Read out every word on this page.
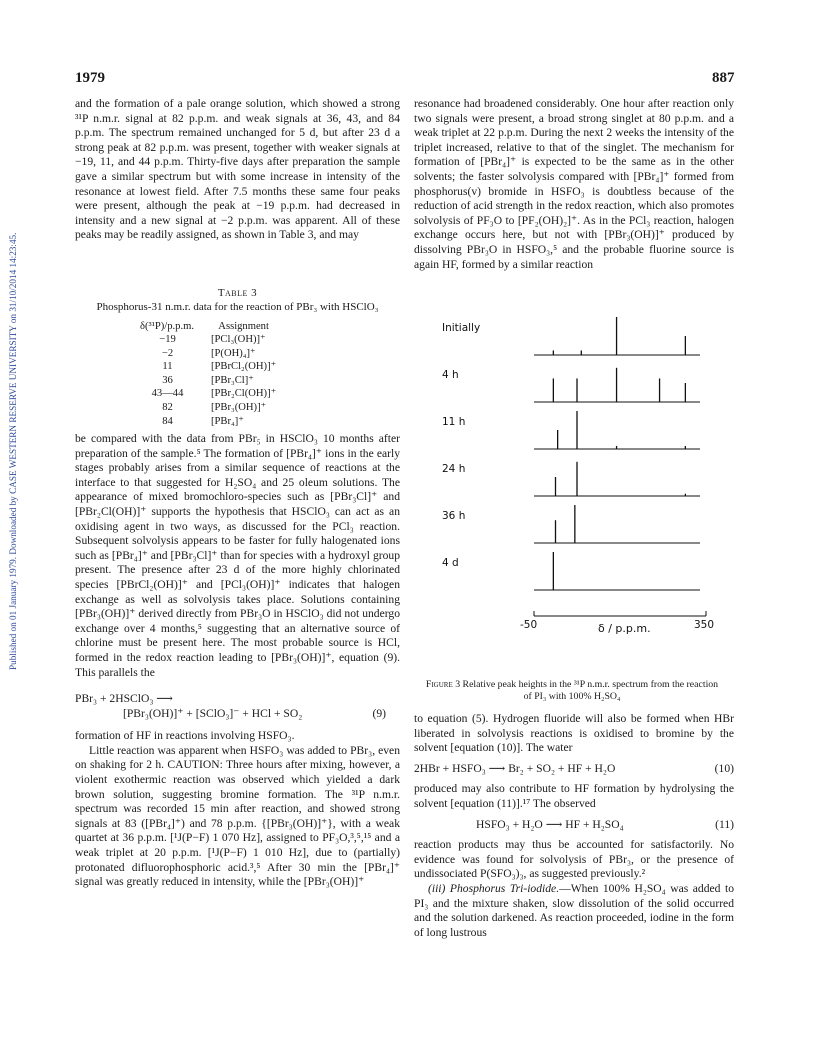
Published on 01 January 1979. Downloaded by CASE WESTERN RESERVE UNIVERSITY on 31/10/2014 14:23:45.
1979	887

and the formation of a pale orange solution, which showed a strong ³¹P n.m.r. signal at 82 p.p.m. and weak signals at 36, 43, and 84 p.p.m. The spectrum remained unchanged for 5 d, but after 23 d a strong peak at 82 p.p.m. was present, together with weaker signals at −19, 11, and 44 p.p.m. Thirty-five days after preparation the sample gave a similar spectrum but with some increase in intensity of the resonance at lowest field. After 7.5 months these same four peaks were present, although the peak at −19 p.p.m. had decreased in intensity and a new signal at −2 p.p.m. was apparent. All of these peaks may be readily assigned, as shown in Table 3, and may

Table 3
Phosphorus-31 n.m.r. data for the reaction of PBr₃ with HSClO₃
δ(³¹P)/p.p.m.	Assignment
−19	[PCl₃(OH)]⁺
−2	[P(OH)₄]⁺
11	[PBrCl₂(OH)]⁺
36	[PBr₃Cl]⁺
43—44	[PBr₂Cl(OH)]⁺
82	[PBr₃(OH)]⁺
84	[PBr₄]⁺

be compared with the data from PBr₅ in HSClO₃ 10 months after preparation of the sample.⁵ The formation of [PBr₄]⁺ ions in the early stages probably arises from a similar sequence of reactions at the interface to that suggested for H₂SO₄ and 25 oleum solutions. The appearance of mixed bromochloro-species such as [PBr₃Cl]⁺ and [PBr₂Cl(OH)]⁺ supports the hypothesis that HSClO₃ can act as an oxidising agent in two ways, as discussed for the PCl₃ reaction. Subsequent solvolysis appears to be faster for fully halogenated ions such as [PBr₄]⁺ and [PBr₃Cl]⁺ than for species with a hydroxyl group present. The presence after 23 d of the more highly chlorinated species [PBrCl₂(OH)]⁺ and [PCl₃(OH)]⁺ indicates that halogen exchange as well as solvolysis takes place. Solutions containing [PBr₃(OH)]⁺ derived directly from PBr₃O in HSClO₃ did not undergo exchange over 4 months,⁵ suggesting that an alternative source of chlorine must be present here. The most probable source is HCl, formed in the redox reaction leading to [PBr₃(OH)]⁺, equation (9). This parallels the

PBr₃ + 2HSClO₃ ⟶
[PBr₃(OH)]⁺ + [SClO₃]⁻ + HCl + SO₂	(9)

formation of HF in reactions involving HSFO₃.

Little reaction was apparent when HSFO₃ was added to PBr₃, even on shaking for 2 h. CAUTION: Three hours after mixing, however, a violent exothermic reaction was observed which yielded a dark brown solution, suggesting bromine formation. The ³¹P n.m.r. spectrum was recorded 15 min after reaction, and showed strong signals at 83 ([PBr₄]⁺) and 78 p.p.m. {[PBr₃(OH)]⁺}, with a weak quartet at 36 p.p.m. [¹J(P−F) 1 070 Hz], assigned to PF₃O,³,⁵,¹⁵ and a weak triplet at 20 p.p.m. [¹J(P−F) 1 010 Hz], due to (partially) protonated difluorophosphoric acid.³,⁵ After 30 min the [PBr₄]⁺ signal was greatly reduced in intensity, while the [PBr₃(OH)]⁺

resonance had broadened considerably. One hour after reaction only two signals were present, a broad strong singlet at 80 p.p.m. and a weak triplet at 22 p.p.m. During the next 2 weeks the intensity of the triplet increased, relative to that of the singlet. The mechanism for formation of [PBr₄]⁺ is expected to be the same as in the other solvents; the faster solvolysis compared with [PBr₄]⁺ formed from phosphorus(v) bromide in HSFO₃ is doubtless because of the reduction of acid strength in the redox reaction, which also promotes solvolysis of PF₃O to [PF₂(OH)₂]⁺. As in the PCl₃ reaction, halogen exchange occurs here, but not with [PBr₃(OH)]⁺ produced by dissolving PBr₃O in HSFO₃,⁵ and the probable fluorine source is again HF, formed by a similar reaction

Initially
4 h
11 h
24 h
36 h
4 d
-50	350
δ / p.p.m.
Figure 3 Relative peak heights in the ³¹P n.m.r. spectrum from the reaction of PI₃ with 100% H₂SO₄

to equation (5). Hydrogen fluoride will also be formed when HBr liberated in solvolysis reactions is oxidised to bromine by the solvent [equation (10)]. The water

2HBr + HSFO₃ ⟶ Br₂ + SO₂ + HF + H₂O	(10)

produced may also contribute to HF formation by hydrolysing the solvent [equation (11)].¹⁷ The observed

HSFO₃ + H₂O ⟶ HF + H₂SO₄	(11)

reaction products may thus be accounted for satisfactorily. No evidence was found for solvolysis of PBr₃, or the presence of undissociated P(SFO₃)₃, as suggested previously.²

(iii) Phosphorus Tri-iodide.—When 100% H₂SO₄ was added to PI₃ and the mixture shaken, slow dissolution of the solid occurred and the solution darkened. As reaction proceeded, iodine in the form of long lustrous
